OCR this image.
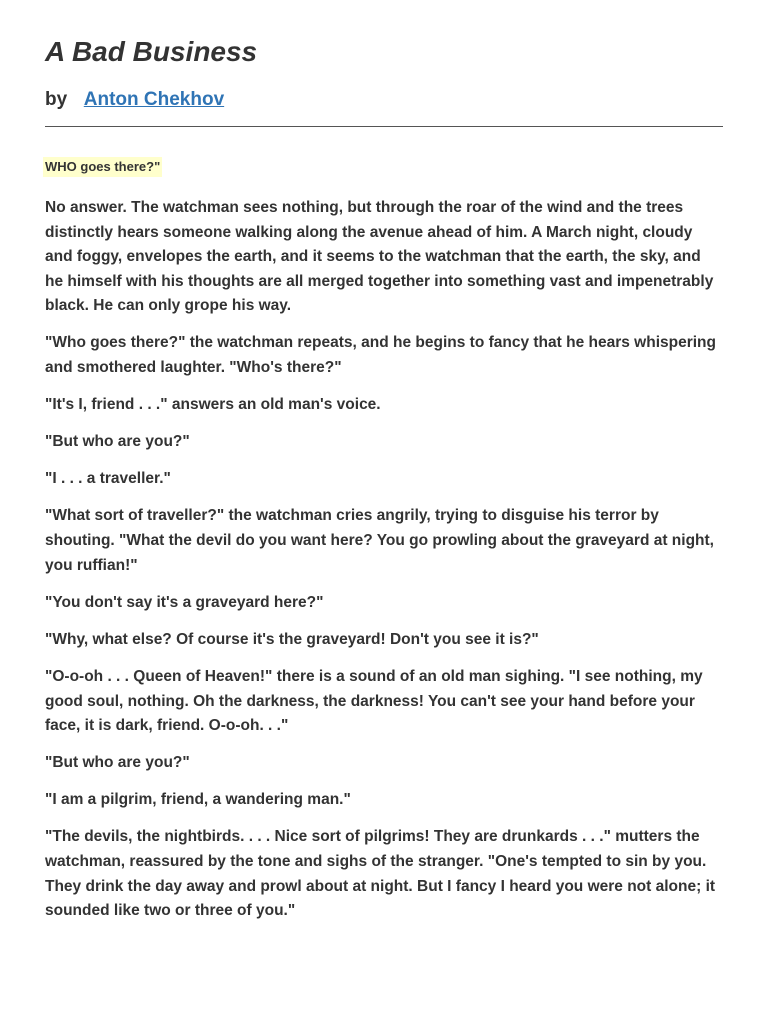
A Bad Business
by Anton Chekhov
WHO goes there?"

No answer. The watchman sees nothing, but through the roar of the wind and the trees distinctly hears someone walking along the avenue ahead of him. A March night, cloudy and foggy, envelopes the earth, and it seems to the watchman that the earth, the sky, and he himself with his thoughts are all merged together into something vast and impenetrably black. He can only grope his way.

"Who goes there?" the watchman repeats, and he begins to fancy that he hears whispering and smothered laughter. "Who's there?"

"It's I, friend . . ." answers an old man's voice.

"But who are you?"

"I . . . a traveller."

"What sort of traveller?" the watchman cries angrily, trying to disguise his terror by shouting. "What the devil do you want here? You go prowling about the graveyard at night, you ruffian!"

"You don't say it's a graveyard here?"

"Why, what else? Of course it's the graveyard! Don't you see it is?"

"O-o-oh . . . Queen of Heaven!" there is a sound of an old man sighing. "I see nothing, my good soul, nothing. Oh the darkness, the darkness! You can't see your hand before your face, it is dark, friend. O-o-oh. . ."

"But who are you?"

"I am a pilgrim, friend, a wandering man."

"The devils, the nightbirds. . . . Nice sort of pilgrims! They are drunkards . . ." mutters the watchman, reassured by the tone and sighs of the stranger. "One's tempted to sin by you. They drink the day away and prowl about at night. But I fancy I heard you were not alone; it sounded like two or three of you."
